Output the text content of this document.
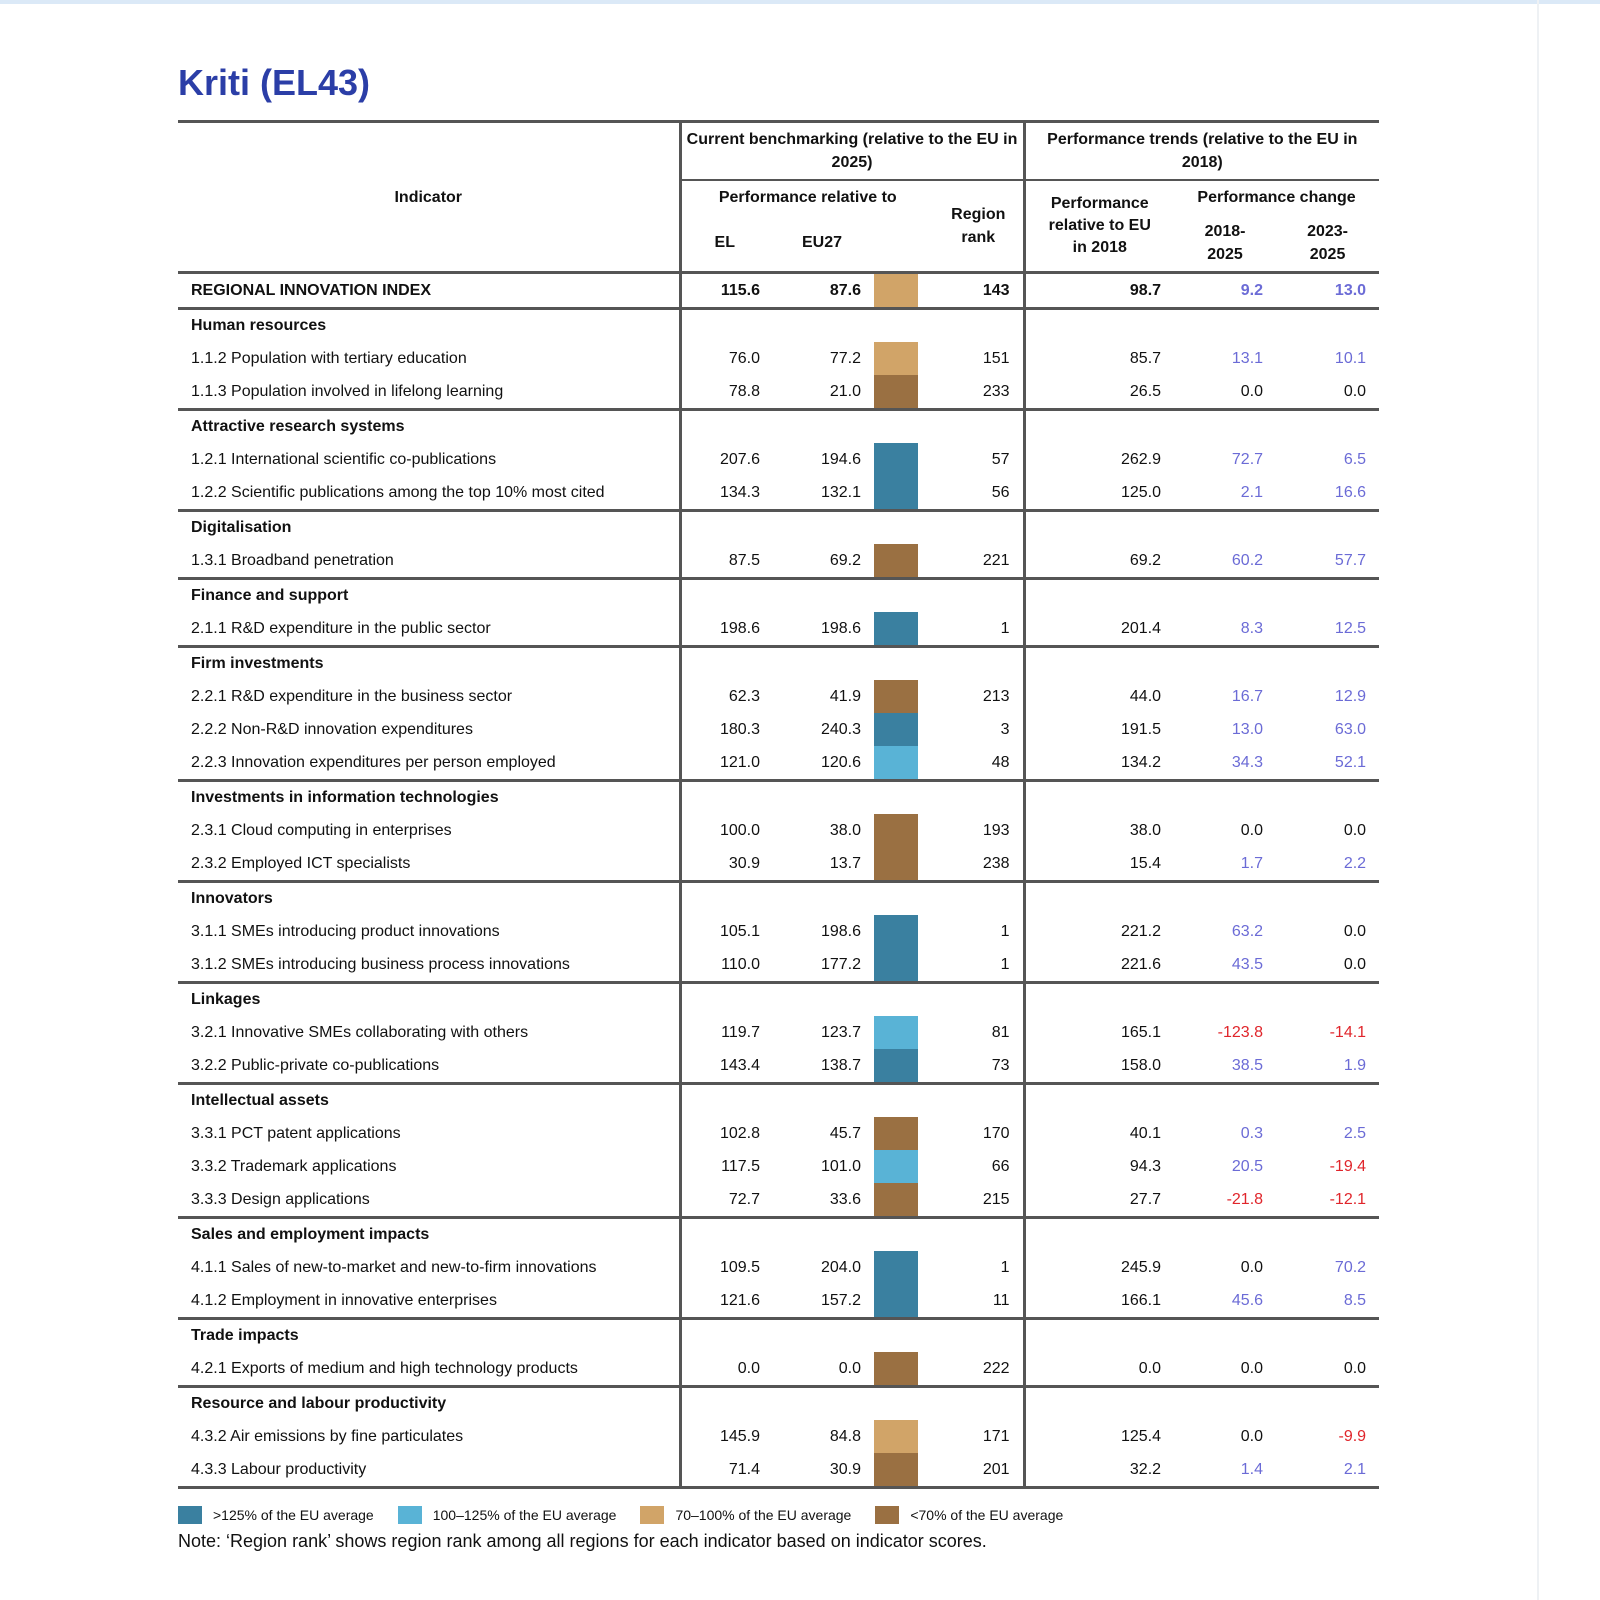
Kriti (EL43)
Indicator	Current benchmarking (relative to the EU in 2025)				Performance trends (relative to the EU in 2018)		
	Performance relative to			Region rank	Performance relative to EU in 2018	Performance change	
	EL	EU27				2018-2025	2023-2025
REGIONAL INNOVATION INDEX	115.6	87.6		143	98.7	9.2	13.0
Human resources							
1.1.2 Population with tertiary education	76.0	77.2		151	85.7	13.1	10.1
1.1.3 Population involved in lifelong learning	78.8	21.0		233	26.5	0.0	0.0
Attractive research systems							
1.2.1 International scientific co-publications	207.6	194.6		57	262.9	72.7	6.5
1.2.2 Scientific publications among the top 10% most cited	134.3	132.1		56	125.0	2.1	16.6
Digitalisation							
1.3.1 Broadband penetration	87.5	69.2		221	69.2	60.2	57.7
Finance and support							
2.1.1 R&D expenditure in the public sector	198.6	198.6		1	201.4	8.3	12.5
Firm investments							
2.2.1 R&D expenditure in the business sector	62.3	41.9		213	44.0	16.7	12.9
2.2.2 Non-R&D innovation expenditures	180.3	240.3		3	191.5	13.0	63.0
2.2.3 Innovation expenditures per person employed	121.0	120.6		48	134.2	34.3	52.1
Investments in information technologies							
2.3.1 Cloud computing in enterprises	100.0	38.0		193	38.0	0.0	0.0
2.3.2 Employed ICT specialists	30.9	13.7		238	15.4	1.7	2.2
Innovators							
3.1.1 SMEs introducing product innovations	105.1	198.6		1	221.2	63.2	0.0
3.1.2 SMEs introducing business process innovations	110.0	177.2		1	221.6	43.5	0.0
Linkages							
3.2.1 Innovative SMEs collaborating with others	119.7	123.7		81	165.1	-123.8	-14.1
3.2.2 Public-private co-publications	143.4	138.7		73	158.0	38.5	1.9
Intellectual assets							
3.3.1 PCT patent applications	102.8	45.7		170	40.1	0.3	2.5
3.3.2 Trademark applications	117.5	101.0		66	94.3	20.5	-19.4
3.3.3 Design applications	72.7	33.6		215	27.7	-21.8	-12.1
Sales and employment impacts							
4.1.1 Sales of new-to-market and new-to-firm innovations	109.5	204.0		1	245.9	0.0	70.2
4.1.2 Employment in innovative enterprises	121.6	157.2		11	166.1	45.6	8.5
Trade impacts							
4.2.1 Exports of medium and high technology products	0.0	0.0		222	0.0	0.0	0.0
Resource and labour productivity							
4.3.2 Air emissions by fine particulates	145.9	84.8		171	125.4	0.0	-9.9
4.3.3 Labour productivity	71.4	30.9		201	32.2	1.4	2.1
>125% of the EU average	100–125% of the EU average	70–100% of the EU average	<70% of the EU average
Note: ‘Region rank’ shows region rank among all regions for each indicator based on indicator scores.
